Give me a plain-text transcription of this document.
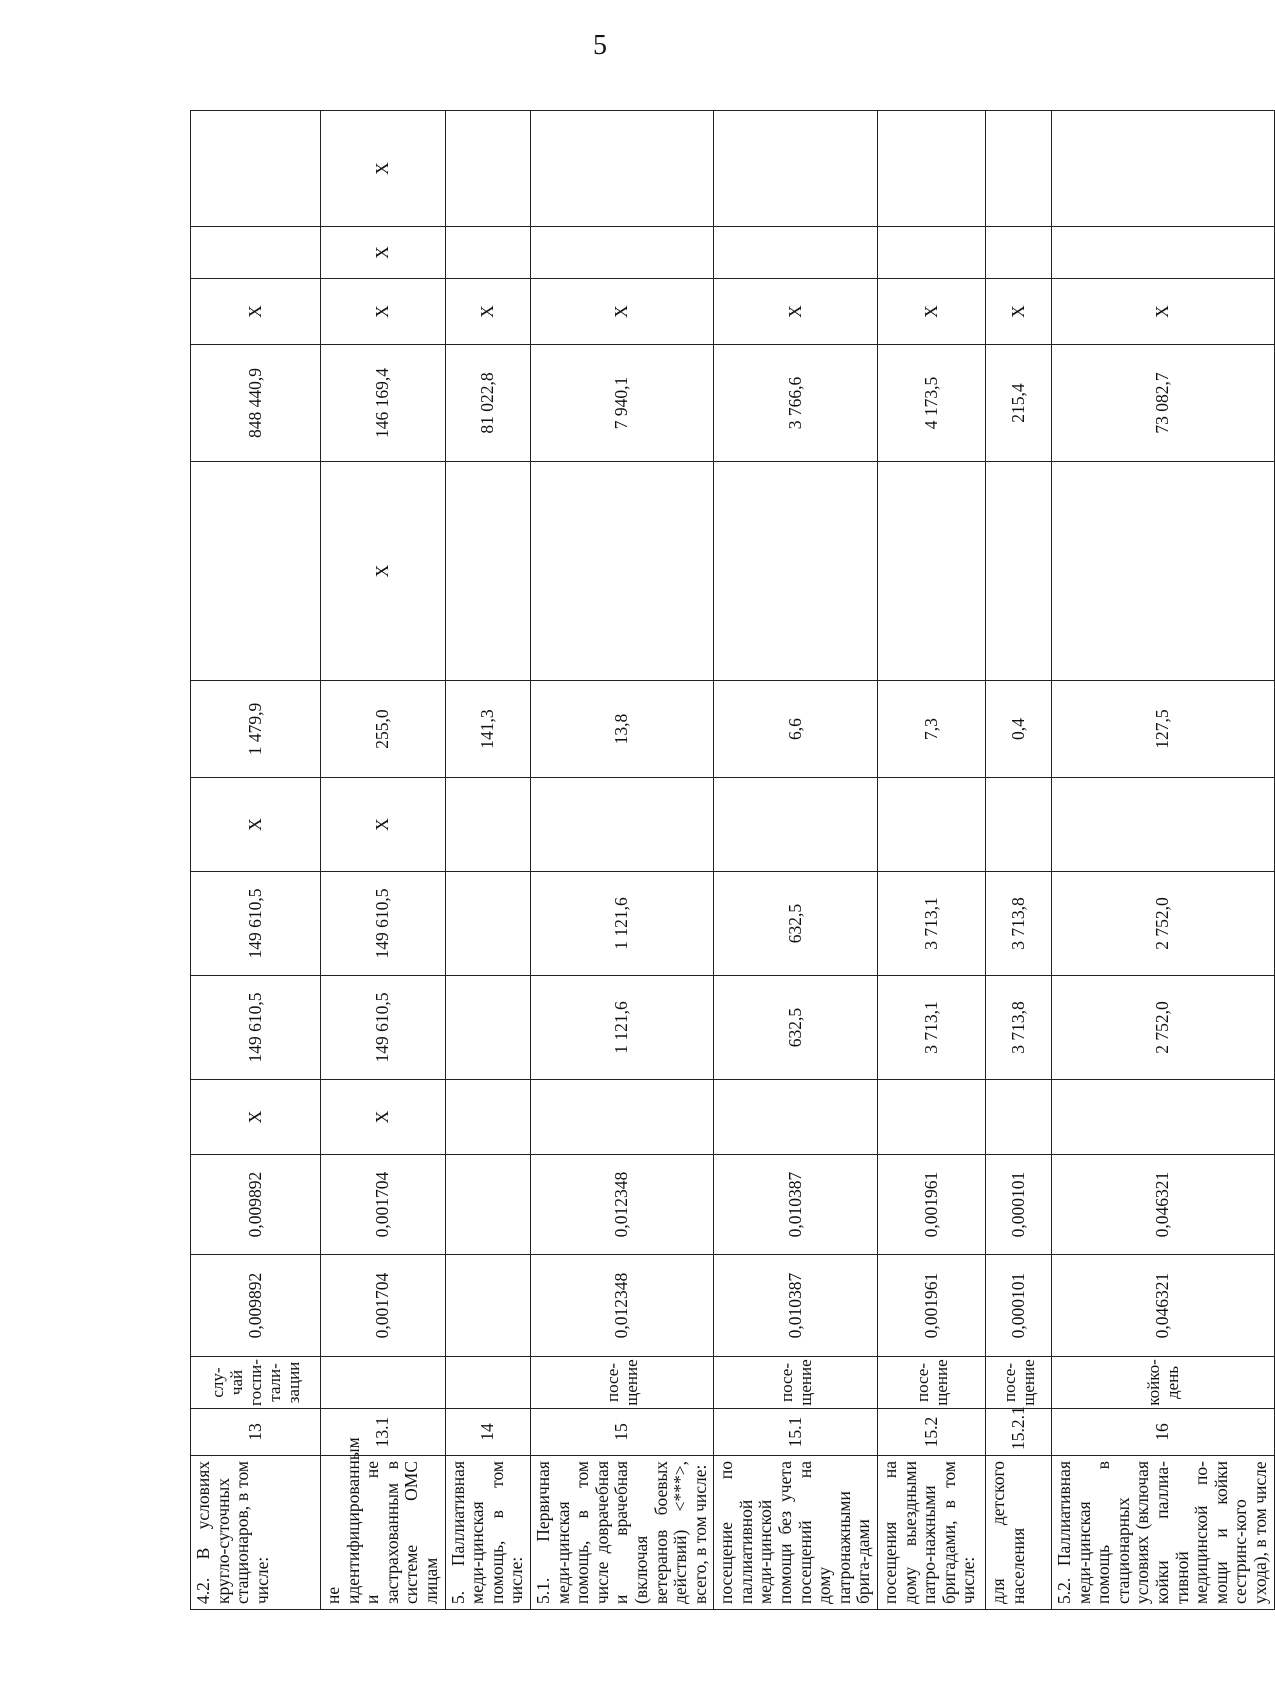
5
4.2. В условиях кругло-суточных стационаров, в том числе:	13	слу-чай госпи-тали-зации	0,009892	0,009892	Х	149 610,5	149 610,5	Х	1 479,9		848 440,9	Х		
не идентифицированным и не застрахованным в системе ОМС лицам	13.1		0,001704	0,001704	Х	149 610,5	149 610,5	Х	255,0	Х	146 169,4	Х	Х	Х
5. Паллиативная меди-цинская помощь, в том числе:	14								141,3		81 022,8	Х		
5.1. Первичная меди-цинская помощь, в том числе доврачебная и врачебная (включая ветеранов боевых действий) <***>, всего, в том числе:	15	посе-щение	0,012348	0,012348		1 121,6	1 121,6		13,8		7 940,1	Х		
посещение по паллиативной меди-цинской помощи без учета посещений на дому патронажными брига-дами	15.1	посе-щение	0,010387	0,010387		632,5	632,5		6,6		3 766,6	Х		
посещения на дому выездными патро-нажными бригадами, в том числе:	15.2	посе-щение	0,001961	0,001961		3 713,1	3 713,1		7,3		4 173,5	Х		
для детского населения	15.2.1	посе-щение	0,000101	0,000101		3 713,8	3 713,8		0,4		215,4	Х		
5.2. Паллиативная меди-цинская помощь в стационарных условиях (включая койки паллиа-тивной медицинской по-мощи и койки сестринс-кого ухода), в том числе	16	койко-день	0,046321	0,046321		2 752,0	2 752,0		127,5		73 082,7	Х		
